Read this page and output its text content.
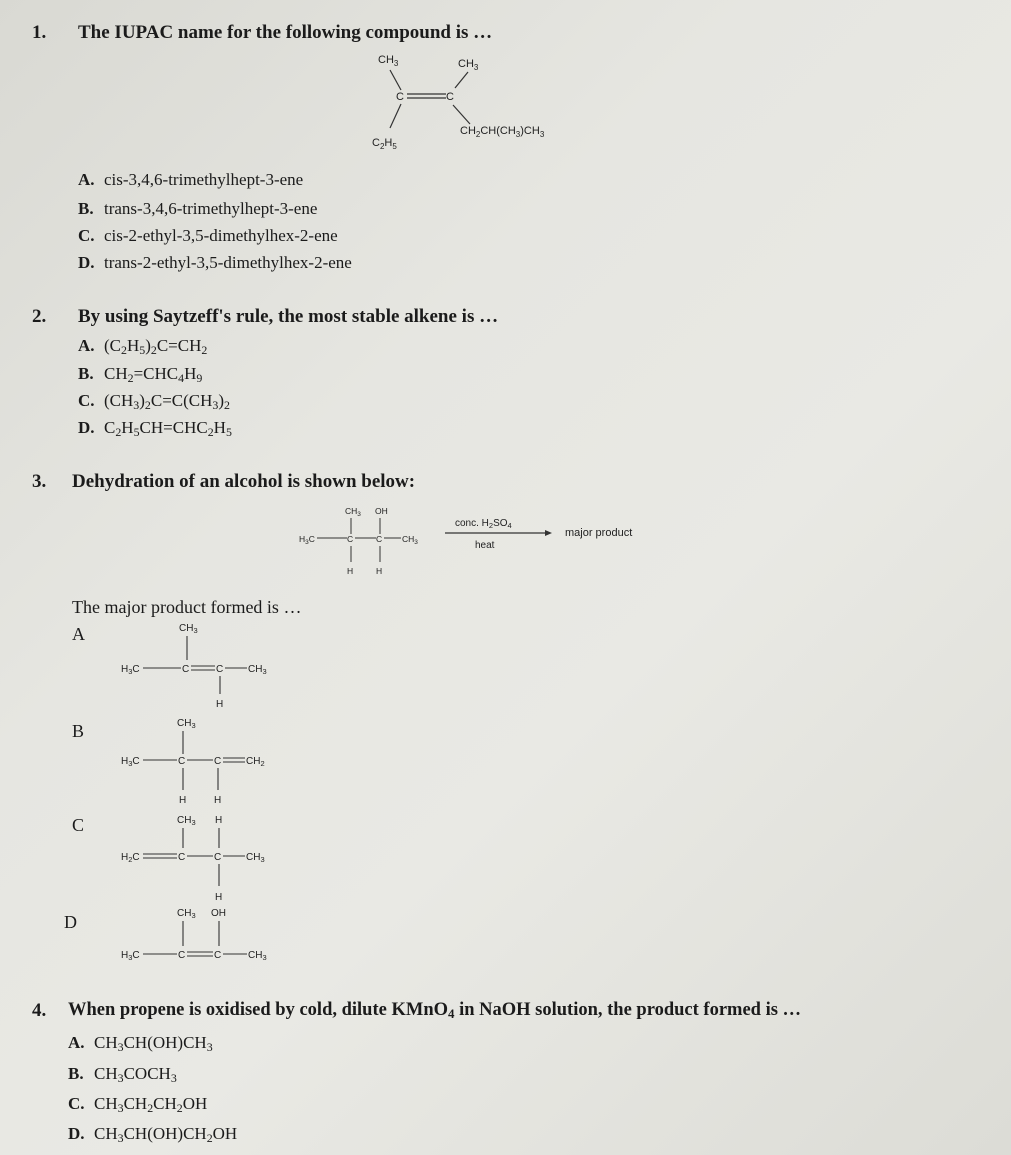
1. The IUPAC name for the following compound is …
CH3	CH3
C	C
C2H5
CH2CH(CH3)CH3
A. cis-3,4,6-trimethylhept-3-ene
B. trans-3,4,6-trimethylhept-3-ene
C. cis-2-ethyl-3,5-dimethylhex-2-ene
D. trans-2-ethyl-3,5-dimethylhex-2-ene
2. By using Saytzeff's rule, the most stable alkene is …
A. $(C_2H_5)_2C=CH_2$
B. $CH_2=CHC_4H_9$
C. $(CH_3)_2C=C(CH_3)_2$
D. $C_2H_5CH=CHC_2H_5$
3. Dehydration of an alcohol is shown below:
CH3 OH
H3C	C	C CH3
H	H
conc. H2SO4
heat
major product
The major product formed is …
A	CH3
H3C	C	C CH3
H
B	CH3
H3C	C	C CH2
H	H
C	CH3 H
H2C	C	C CH3
H
D	CH3 OH
H3C	C	C	CH3
4. When propene is oxidised by cold, dilute KMnO$_4$ in NaOH solution, the product formed is …
A. $CH_3CH(OH)CH_3$
B. $CH_3COCH_3$
C. $CH_3CH_2CH_2OH$
D. $CH_3CH(OH)CH_2OH$
